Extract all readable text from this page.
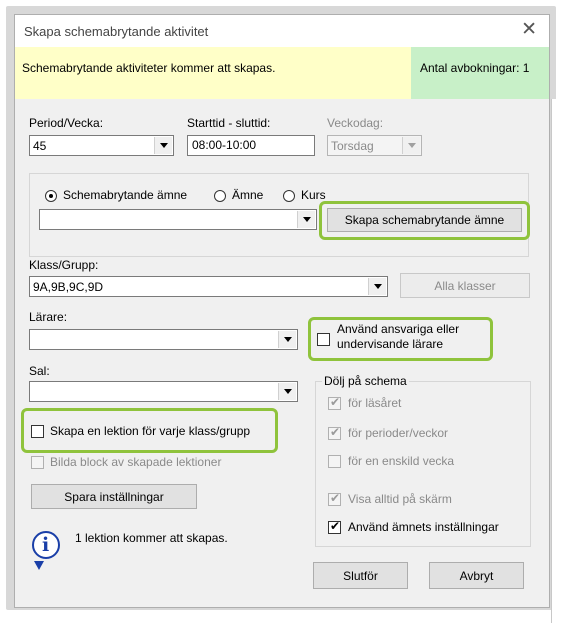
Skapa schemabrytande aktivitet	✕
Schemabrytande aktiviteter kommer att skapas.	Antal avbokningar: 1
Period/Vecka:
45
Starttid - sluttid:
08:00-10:00
Veckodag:
Torsdag
Schemabrytande ämne	Ämne	Kurs
Skapa schemabrytande ämne
Klass/Grupp:
9A,9B,9C,9D	Alla klasser
Lärare:
Använd ansvariga eller undervisande lärare
Sal:
Skapa en lektion för varje klass/grupp
Bilda block av skapade lektioner
Spara inställningar
Dölj på schema
✔ för läsåret
✔ för perioder/veckor
för en enskild vecka
✔ Visa alltid på skärm
✔ Använd ämnets inställningar
i 1 lektion kommer att skapas.
Slutför	Avbryt
